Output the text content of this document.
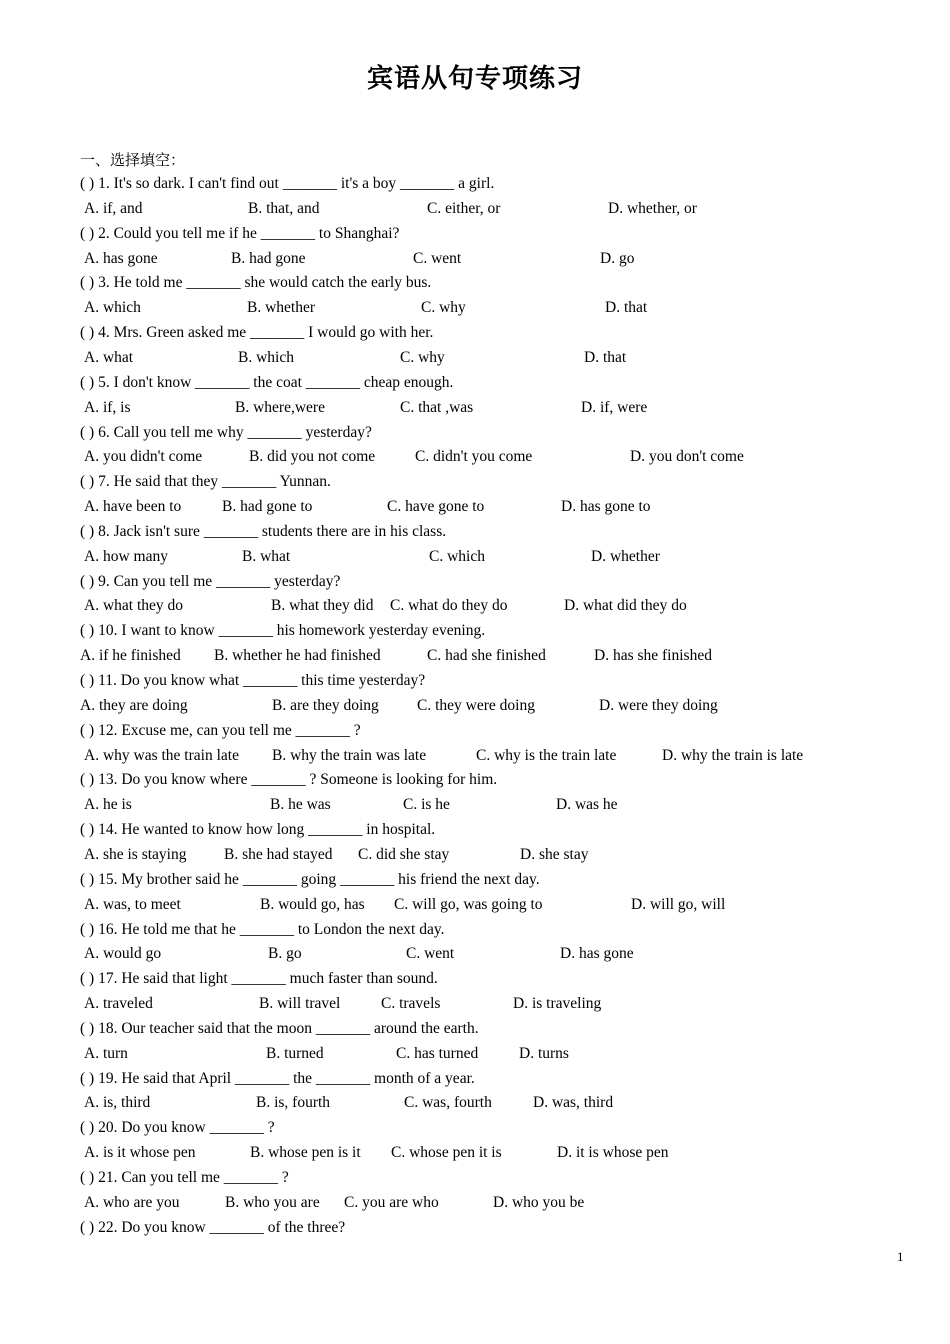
宾语从句专项练习
一、选择填空：
( ) 1. It's so dark. I can't find out _______ it's a boy _______ a girl.
A. if, and	B. that, and	C. either, or	D. whether, or
( ) 2. Could you tell me if he _______ to Shanghai?
A. has gone	B. had gone	C. went	D. go
( ) 3. He told me _______ she would catch the early bus.
A. which	B. whether	C. why	D. that
( ) 4. Mrs. Green asked me _______ I would go with her.
A. what	B. which	C. why	D. that
( ) 5. I don't know _______ the coat _______ cheap enough.
A. if, is	B. where,were	C. that ,was	D. if, were
( ) 6. Call you tell me why _______ yesterday?
A. you didn't come	B. did you not come	C. didn't you come	D. you don't come
( ) 7. He said that they _______ Yunnan.
A. have been to	B. had gone to	C. have gone to	D. has gone to
( ) 8. Jack isn't sure _______ students there are in his class.
A. how many	B. what	C. which	D. whether
( ) 9. Can you tell me _______ yesterday?
A. what they do	B. what they did C. what do they do	D. what did they do
( ) 10. I want to know _______ his homework yesterday evening.
A. if he finished B. whether he had finished	C. had she finished	D. has she finished
( ) 11. Do you know what _______ this time yesterday?
A. they are doing	B. are they doing C. they were doing	D. were they doing
( ) 12. Excuse me, can you tell me _______ ?
A. why was the train late B. why the train was late	C. why is the train late	D. why the train is late
( ) 13. Do you know where _______ ? Someone is looking for him.
A. he is	B. he was	C. is he	D. was he
( ) 14. He wanted to know how long _______ in hospital.
A. she is staying B. she had stayed C. did she stay	D. she stay
( ) 15. My brother said he _______ going _______ his friend the next day.
A. was, to meet	B. would go, has C. will go, was going to	D. will go, will
( ) 16. He told me that he _______ to London the next day.
A. would go	B. go	C. went	D. has gone
( ) 17. He said that light _______ much faster than sound.
A. traveled	B. will travel	C. travels	D. is traveling
( ) 18. Our teacher said that the moon _______ around the earth.
A. turn	B. turned	C. has turned	D. turns
( ) 19. He said that April _______ the _______ month of a year.
A. is, third	B. is, fourth	C. was, fourth	D. was, third
( ) 20. Do you know _______ ?
A. is it whose pen	B. whose pen is it C. whose pen it is	D. it is whose pen
( ) 21. Can you tell me _______ ?
A. who are you	B. who you are C. you are who	D. who you be
( ) 22. Do you know _______ of the three?
1
